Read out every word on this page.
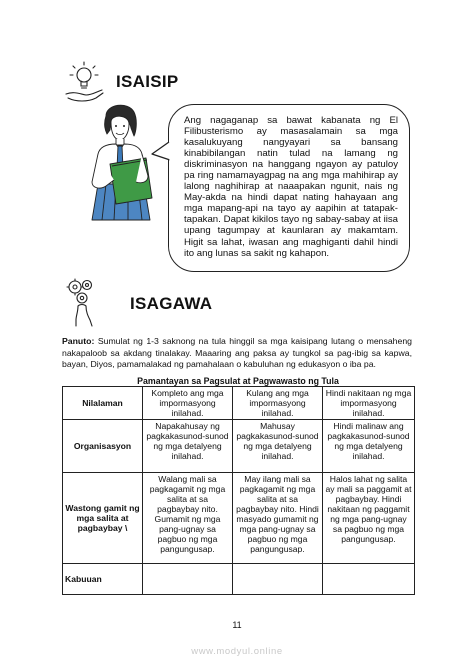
ISAISIP
Ang nagaganap sa bawat kabanata ng El Filibusterismo ay masasalamain sa mga kasalukuyang nangyayari sa bansang kinabibilangan natin tulad na lamang ng diskriminasyon na hanggang ngayon ay patuloy pa ring namamayagpag na ang mga mahihirap ay lalong naghihirap at naaapakan ngunit, nais ng May-akda na hindi dapat nating hahayaan ang mga mapang-api na tayo ay aapihin at tatapak-tapakan. Dapat kikilos tayo ng sabay-sabay at iisa upang tagumpay at kaunlaran ay makamtam. Higit sa lahat, iwasan ang maghiganti dahil hindi ito ang lunas sa sakit ng kahapon.
ISAGAWA
Panuto: Sumulat ng 1-3 saknong na tula hinggil sa mga kaisipang lutang o mensaheng nakapaloob sa akdang tinalakay. Maaaring ang paksa ay tungkol sa pag-ibig sa kapwa, bayan, Diyos, pamamalakad ng pamahalaan o kabuluhan ng edukasyon o iba pa.
Pamantayan sa Pagsulat at Pagwawasto ng Tula
Nilalaman	Kompleto ang mga impormasyong inilahad.	Kulang ang mga impormasyong inilahad.	Hindi nakitaan ng mga impormasyong inilahad.
Organisasyon	Napakahusay ng pagkakasunod-sunod ng mga detalyeng inilahad.	Mahusay pagkakasunod-sunod ng mga detalyeng inilahad.	Hindi malinaw ang pagkakasunod-sunod ng mga detalyeng inilahad.
Wastong gamit ng mga salita at pagbaybay \	Walang mali sa pagkagamit ng mga salita at sa pagbaybay nito. Gumamit ng mga pang-ugnay sa pagbuo ng mga pangungusap.	May ilang mali sa pagkagamit ng mga salita at sa pagbaybay nito. Hindi masyado gumamit ng mga pang-ugnay sa pagbuo ng mga pangungusap.	Halos lahat ng salita ay mali sa paggamit at pagbaybay. Hindi nakitaan ng paggamit ng mga pang-ugnay sa pagbuo ng mga pangungusap.
Kabuuan			
11
www.modyul.online
